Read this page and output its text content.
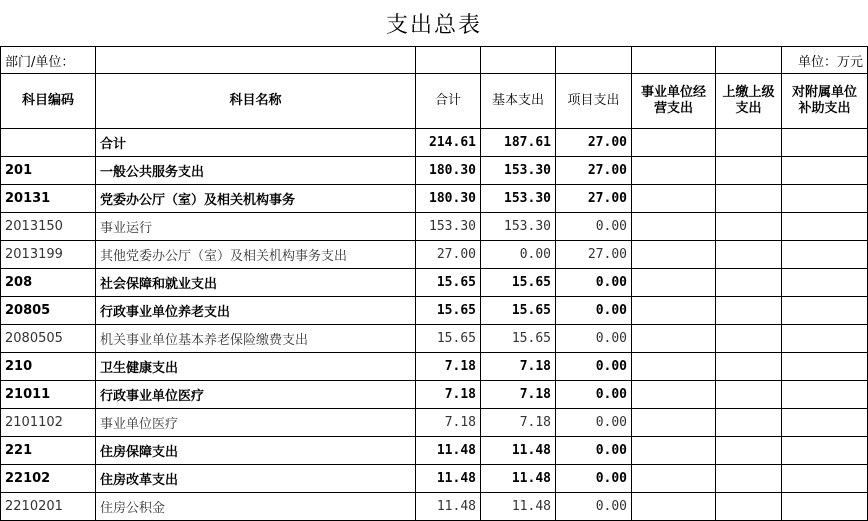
支出总表
部门/单位：							单位：万元
科目编码	科目名称	合计	基本支出	项目支出	事业单位经营支出	上缴上级支出	对附属单位补助支出
	合计	214.61	187.61	27.00			
201	一般公共服务支出	180.30	153.30	27.00			
20131	党委办公厅（室）及相关机构事务	180.30	153.30	27.00			
2013150	事业运行	153.30	153.30	0.00			
2013199	其他党委办公厅（室）及相关机构事务支出	27.00	0.00	27.00			
208	社会保障和就业支出	15.65	15.65	0.00			
20805	行政事业单位养老支出	15.65	15.65	0.00			
2080505	机关事业单位基本养老保险缴费支出	15.65	15.65	0.00			
210	卫生健康支出	7.18	7.18	0.00			
21011	行政事业单位医疗	7.18	7.18	0.00			
2101102	事业单位医疗	7.18	7.18	0.00			
221	住房保障支出	11.48	11.48	0.00			
22102	住房改革支出	11.48	11.48	0.00			
2210201	住房公积金	11.48	11.48	0.00			
